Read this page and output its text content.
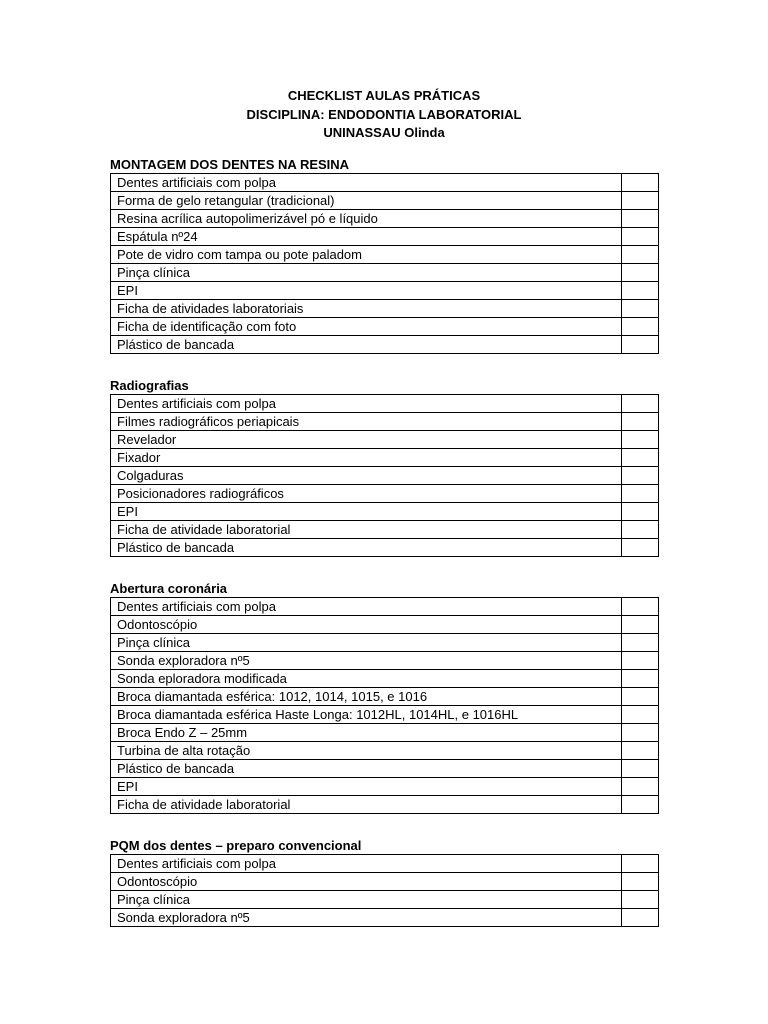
CHECKLIST AULAS PRÁTICAS
DISCIPLINA: ENDODONTIA LABORATORIAL
UNINASSAU Olinda
MONTAGEM DOS DENTES NA RESINA
Dentes artificiais com polpa	
Forma de gelo retangular (tradicional)	
Resina acrílica autopolimerizável pó e líquido	
Espátula nº24	
Pote de vidro com tampa ou pote paladom	
Pinça clínica	
EPI	
Ficha de atividades laboratoriais	
Ficha de identificação com foto	
Plástico de bancada	
Radiografias
Dentes artificiais com polpa	
Filmes radiográficos periapicais	
Revelador	
Fixador	
Colgaduras	
Posicionadores radiográficos	
EPI	
Ficha de atividade laboratorial	
Plástico de bancada	
Abertura coronária
Dentes artificiais com polpa	
Odontoscópio	
Pinça clínica	
Sonda exploradora nº5	
Sonda eploradora modificada	
Broca diamantada esférica: 1012, 1014, 1015, e 1016	
Broca diamantada esférica Haste Longa: 1012HL, 1014HL, e 1016HL	
Broca Endo Z – 25mm	
Turbina de alta rotação	
Plástico de bancada	
EPI	
Ficha de atividade laboratorial	
PQM dos dentes – preparo convencional
Dentes artificiais com polpa	
Odontoscópio	
Pinça clínica	
Sonda exploradora nº5	
